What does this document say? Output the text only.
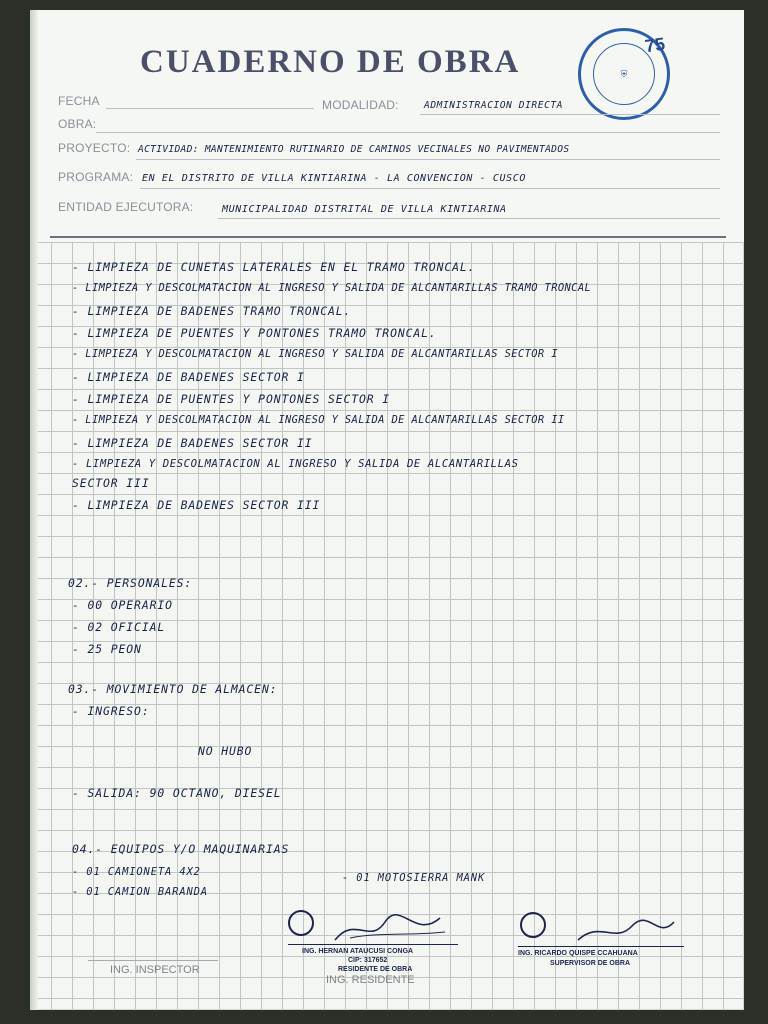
CUADERNO DE OBRA	⛨
75
FECHA	MODALIDAD:	ADMINISTRACION DIRECTA
OBRA:
PROYECTO: ACTIVIDAD: MANTENIMIENTO RUTINARIO DE CAMINOS VECINALES NO PAVIMENTADOS
PROGRAMA: EN EL DISTRITO DE VILLA KINTIARINA - LA CONVENCION - CUSCO
ENTIDAD EJECUTORA:	MUNICIPALIDAD DISTRITAL DE VILLA KINTIARINA
- LIMPIEZA DE CUNETAS LATERALES EN EL TRAMO TRONCAL.
- LIMPIEZA Y DESCOLMATACION AL INGRESO Y SALIDA DE ALCANTARILLAS TRAMO TRONCAL
- LIMPIEZA DE BADENES TRAMO TRONCAL.
- LIMPIEZA DE PUENTES Y PONTONES TRAMO TRONCAL.
- LIMPIEZA Y DESCOLMATACION AL INGRESO Y SALIDA DE ALCANTARILLAS SECTOR I
- LIMPIEZA DE BADENES SECTOR I
- LIMPIEZA DE PUENTES Y PONTONES SECTOR I
- LIMPIEZA Y DESCOLMATACION AL INGRESO Y SALIDA DE ALCANTARILLAS SECTOR II
- LIMPIEZA DE BADENES SECTOR II
- LIMPIEZA Y DESCOLMATACION AL INGRESO Y SALIDA DE ALCANTARILLAS
SECTOR III
- LIMPIEZA DE BADENES SECTOR III
02.- PERSONALES:
- 00 OPERARIO
- 02 OFICIAL
- 25 PEON
03.- MOVIMIENTO DE ALMACEN:
- INGRESO:
NO HUBO
- SALIDA: 90 OCTANO, DIESEL
04.- EQUIPOS Y/O MAQUINARIAS
- 01 CAMIONETA 4X2
- 01 CAMION BARANDA
- 01 MOTOSIERRA MANK
ING. HERNAN ATAUCUSI CONGA
CIP: 317652
RESIDENTE DE OBRA
ING. RICARDO QUISPE CCAHUANA
SUPERVISOR DE OBRA
ING. INSPECTOR
ING. RESIDENTE
